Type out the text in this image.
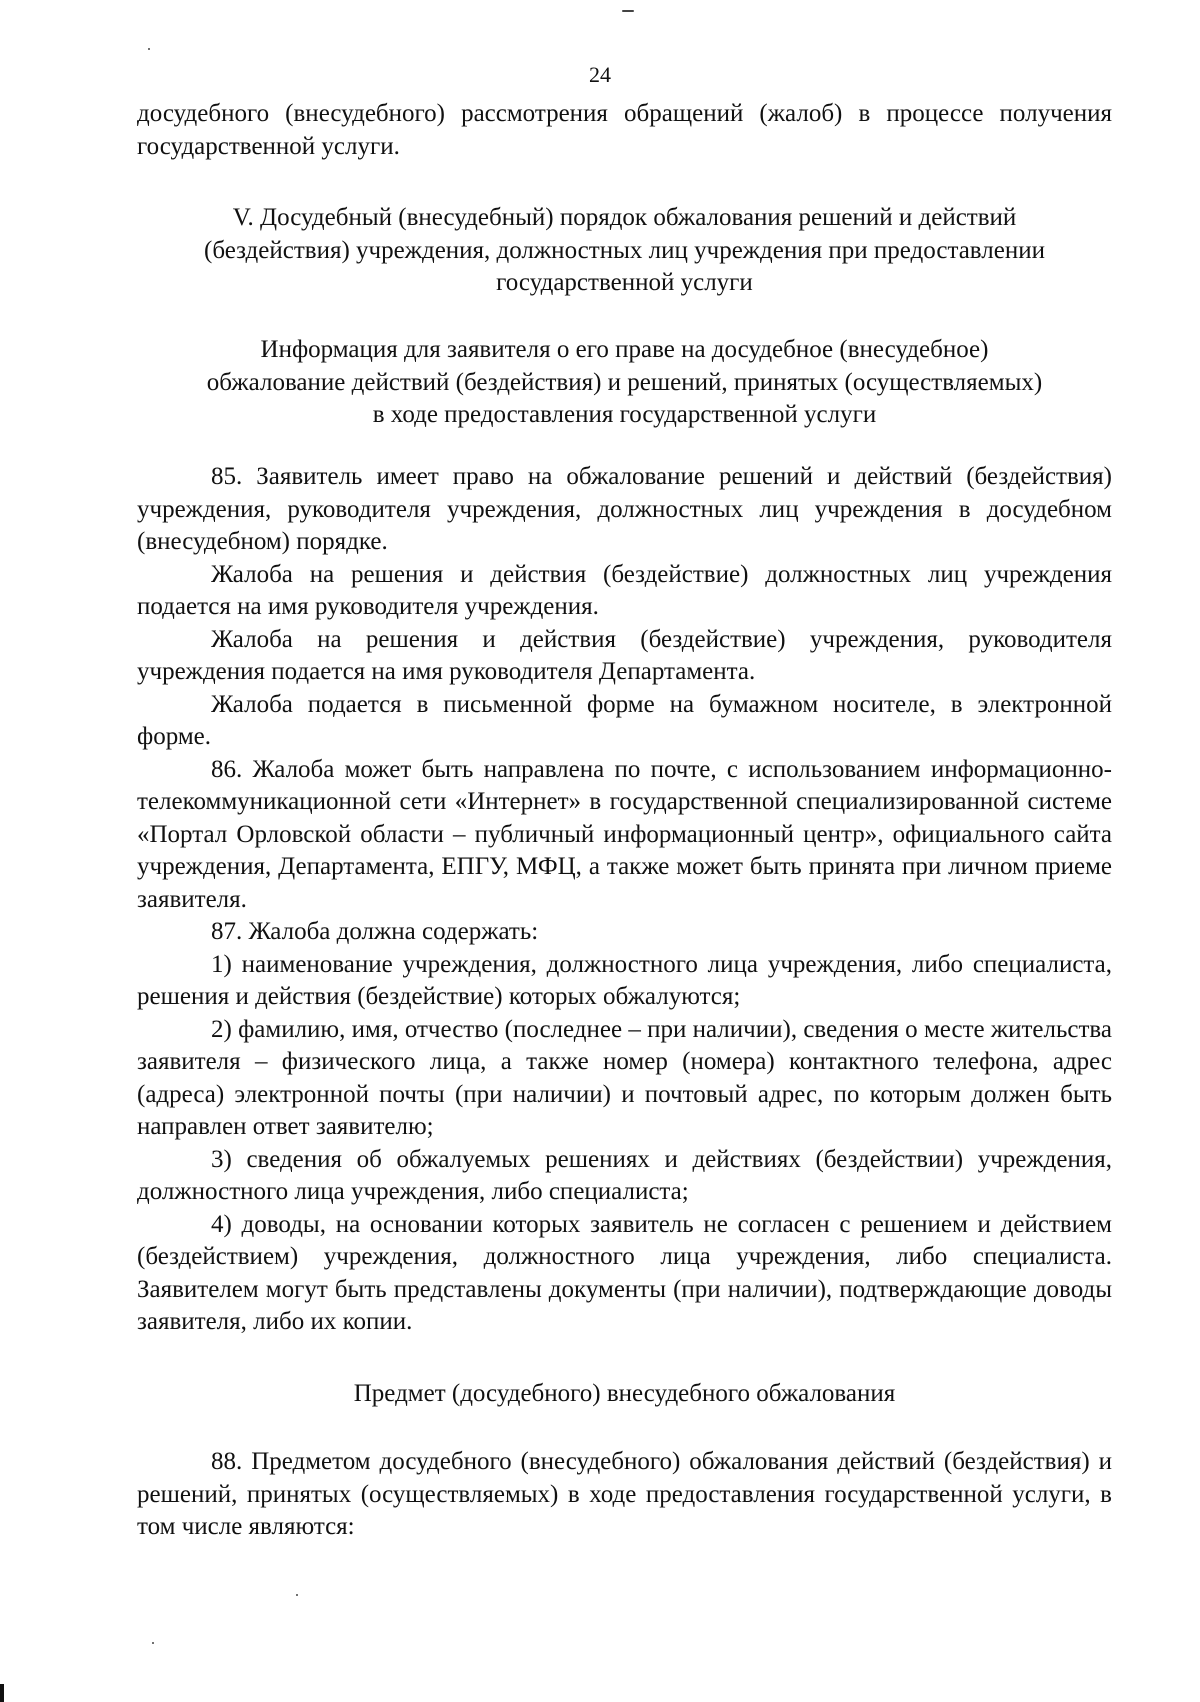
24
досудебного (внесудебного) рассмотрения обращений (жалоб) в процессе получения государственной услуги.
V. Досудебный (внесудебный) порядок обжалования решений и действий
(бездействия) учреждения, должностных лиц учреждения при предоставлении
государственной услуги
Информация для заявителя о его праве на досудебное (внесудебное)
обжалование действий (бездействия) и решений, принятых (осуществляемых)
в ходе предоставления государственной услуги

85. Заявитель имеет право на обжалование решений и действий (бездействия) учреждения, руководителя учреждения, должностных лиц учреждения в досудебном (внесудебном) порядке.

Жалоба на решения и действия (бездействие) должностных лиц учреждения подается на имя руководителя учреждения.

Жалоба на решения и действия (бездействие) учреждения, руководителя учреждения подается на имя руководителя Департамента.

Жалоба подается в письменной форме на бумажном носителе, в электронной форме.

86. Жалоба может быть направлена по почте, с использованием информационно-телекоммуникационной сети «Интернет» в государственной специализированной системе «Портал Орловской области – публичный информационный центр», официального сайта учреждения, Департамента, ЕПГУ, МФЦ, а также может быть принята при личном приеме заявителя.

87. Жалоба должна содержать:

1) наименование учреждения, должностного лица учреждения, либо специалиста, решения и действия (бездействие) которых обжалуются;

2) фамилию, имя, отчество (последнее – при наличии), сведения о месте жительства заявителя – физического лица, а также номер (номера) контактного телефона, адрес (адреса) электронной почты (при наличии) и почтовый адрес, по которым должен быть направлен ответ заявителю;

3) сведения об обжалуемых решениях и действиях (бездействии) учреждения, должностного лица учреждения, либо специалиста;

4) доводы, на основании которых заявитель не согласен с решением и действием (бездействием) учреждения, должностного лица учреждения, либо специалиста. Заявителем могут быть представлены документы (при наличии), подтверждающие доводы заявителя, либо их копии.

Предмет (досудебного) внесудебного обжалования

88. Предметом досудебного (внесудебного) обжалования действий (бездействия) и решений, принятых (осуществляемых) в ходе предоставления государственной услуги, в том числе являются:
